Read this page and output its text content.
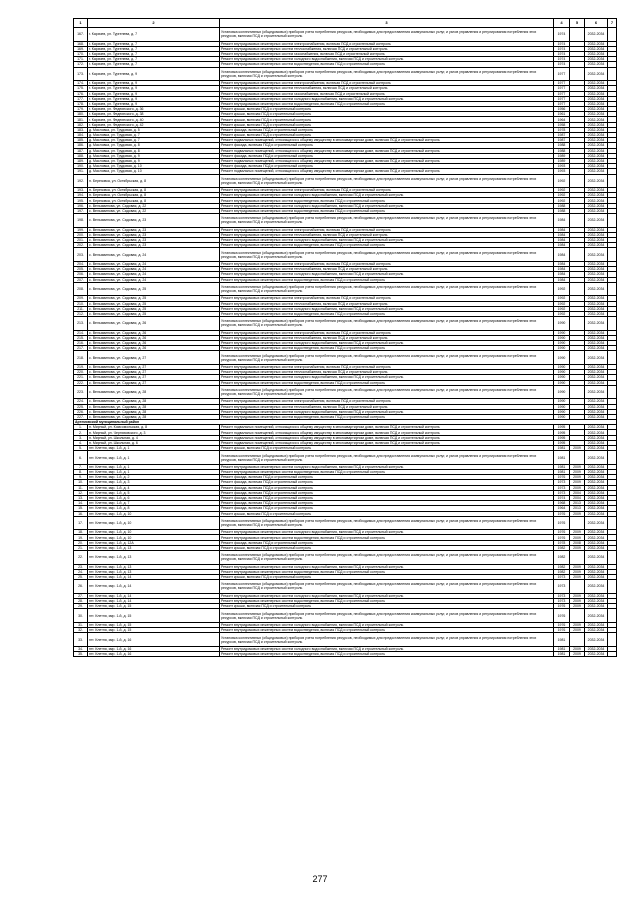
1	2	3	4	5	6	7
167.	г. Карачев, ул. Тургенева, д. 7	Установка коллективных (общедомовых) приборов учета потребления ресурсов, необходимых для предоставления коммунальных услуг, и узлов управления и регулирования потребления этих ресурсов, включая ПСД и строительный контроль	1974		2032-2034	
168.	г. Карачев, ул. Тургенева, д. 7	Ремонт внутридомовых инженерных систем электроснабжения, включая ПСД и строительный контроль	1974		2032-2034	
169.	г. Карачев, ул. Тургенева, д. 7	Ремонт внутридомовых инженерных систем теплоснабжения, включая ПСД и строительный контроль	1974		2032-2034	
170.	г. Карачев, ул. Тургенева, д. 7	Ремонт внутридомовых инженерных систем газоснабжения, включая ПСД и строительный контроль	1974		2032-2034	
171.	г. Карачев, ул. Тургенева, д. 7	Ремонт внутридомовых инженерных систем холодного водоснабжения, включая ПСД и строительный контроль	1974		2032-2034	
172.	г. Карачев, ул. Тургенева, д. 7	Ремонт внутридомовых инженерных систем водоотведения, включая ПСД и строительный контроль	1974		2032-2034	
173.	г. Карачев, ул. Тургенева, д. 9	Установка коллективных (общедомовых) приборов учета потребления ресурсов, необходимых для предоставления коммунальных услуг, и узлов управления и регулирования потребления этих ресурсов, включая ПСД и строительный контроль	1977		2032-2034	
174.	г. Карачев, ул. Тургенева, д. 9	Ремонт внутридомовых инженерных систем электроснабжения, включая ПСД и строительный контроль	1977		2032-2034	
175.	г. Карачев, ул. Тургенева, д. 9	Ремонт внутридомовых инженерных систем теплоснабжения, включая ПСД и строительный контроль	1977		2032-2034	
176.	г. Карачев, ул. Тургенева, д. 9	Ремонт внутридомовых инженерных систем газоснабжения, включая ПСД и строительный контроль	1977		2032-2034	
177.	г. Карачев, ул. Тургенева, д. 9	Ремонт внутридомовых инженерных систем холодного водоснабжения, включая ПСД и строительный контроль	1977		2032-2034	
178.	г. Карачев, ул. Тургенева, д. 9	Ремонт внутридомовых инженерных систем водоотведения, включая ПСД и строительный контроль	1977		2032-2034	
179.	г. Карачев, ул. Федеинского, д. 36	Ремонт крыши, включая ПСД и строительный контроль	1956		2032-2034	
180.	г. Карачев, ул. Федеинского, д. 38	Ремонт крыши, включая ПСД и строительный контроль	1961		2032-2034	
181.	г. Карачев, ул. Федеинского, д. 40	Ремонт крыши, включая ПСД и строительный контроль	1964		2032-2034	
182.	г. Карачев, ул. Федеинского, д. 42	Ремонт крыши, включая ПСД и строительный контроль	1958		2032-2034	
183.	д. Масловка, ул. Трудовая, д. 5	Ремонт фасада, включая ПСД и строительный контроль	1978		2032-2034	
184.	д. Масловка, ул. Трудовая, д. 7	Ремонт крыши, включая ПСД и строительный контроль	1987		2032-2034	
185.	д. Масловка, ул. Трудовая, д. 7	Ремонт подвальных помещений, относящихся к общему имуществу в многоквартирном доме, включая ПСД и строительный контроль	1987		2032-2034	
186.	д. Масловка, ул. Трудовая, д. 8	Ремонт фасада, включая ПСД и строительный контроль	1988		2032-2034	
187.	д. Масловка, ул. Трудовая, д. 8	Ремонт подвальных помещений, относящихся к общему имуществу в многоквартирном доме, включая ПСД и строительный контроль	1988		2032-2034	
188.	д. Масловка, ул. Трудовая, д. 9	Ремонт фасада, включая ПСД и строительный контроль	1989		2032-2034	
189.	д. Масловка, ул. Трудовая, д. 9	Ремонт подвальных помещений, относящихся к общему имуществу в многоквартирном доме, включая ПСД и строительный контроль	1989		2032-2034	
190.	д. Масловка, ул. Трудовая, д. 10	Ремонт фасада, включая ПСД и строительный контроль	1993		2032-2034	
191.	д. Масловка, ул. Трудовая, д. 10	Ремонт подвальных помещений, относящихся к общему имуществу в многоквартирном доме, включая ПСД и строительный контроль	1993		2032-2034	
192.	п. Березовка, ул. Октябрьская, д. 8	Установка коллективных (общедомовых) приборов учета потребления ресурсов, необходимых для предоставления коммунальных услуг, и узлов управления и регулирования потребления этих ресурсов, включая ПСД и строительный контроль	1992		2032-2034	
193.	п. Березовка, ул. Октябрьская, д. 8	Ремонт внутридомовых инженерных систем электроснабжения, включая ПСД и строительный контроль	1992		2032-2034	
194.	п. Березовка, ул. Октябрьская, д. 8	Ремонт внутридомовых инженерных систем холодного водоснабжения, включая ПСД и строительный контроль	1992		2032-2034	
195.	п. Березовка, ул. Октябрьская, д. 8	Ремонт внутридомовых инженерных систем водоотведения, включая ПСД и строительный контроль	1992		2032-2034	
196.	с. Вельяминова, ул. Садовая, д. 22	Ремонт внутридомовых инженерных систем холодного водоснабжения, включая ПСД и строительный контроль	1988		2032-2034	
197.	с. Вельяминова, ул. Садовая, д. 22	Ремонт внутридомовых инженерных систем водоотведения, включая ПСД и строительный контроль	1988		2032-2034	
198.	с. Вельяминова, ул. Садовая, д. 23	Установка коллективных (общедомовых) приборов учета потребления ресурсов, необходимых для предоставления коммунальных услуг, и узлов управления и регулирования потребления этих ресурсов, включая ПСД и строительный контроль	1984		2032-2034	
199.	с. Вельяминова, ул. Садовая, д. 23	Ремонт внутридомовых инженерных систем электроснабжения, включая ПСД и строительный контроль	1984		2032-2034	
200.	с. Вельяминова, ул. Садовая, д. 23	Ремонт внутридомовых инженерных систем теплоснабжения, включая ПСД и строительный контроль	1984		2032-2034	
201.	с. Вельяминова, ул. Садовая, д. 23	Ремонт внутридомовых инженерных систем холодного водоснабжения, включая ПСД и строительный контроль	1984		2032-2034	
202.	с. Вельяминова, ул. Садовая, д. 23	Ремонт внутридомовых инженерных систем водоотведения, включая ПСД и строительный контроль	1984		2032-2034	
203.	с. Вельяминова, ул. Садовая, д. 24	Установка коллективных (общедомовых) приборов учета потребления ресурсов, необходимых для предоставления коммунальных услуг, и узлов управления и регулирования потребления этих ресурсов, включая ПСД и строительный контроль	1984		2032-2034	
204.	с. Вельяминова, ул. Садовая, д. 24	Ремонт внутридомовых инженерных систем электроснабжения, включая ПСД и строительный контроль	1984		2032-2034	
205.	с. Вельяминова, ул. Садовая, д. 24	Ремонт внутридомовых инженерных систем теплоснабжения, включая ПСД и строительный контроль	1984		2032-2034	
206.	с. Вельяминова, ул. Садовая, д. 24	Ремонт внутридомовых инженерных систем холодного водоснабжения, включая ПСД и строительный контроль	1984		2032-2034	
207.	с. Вельяминова, ул. Садовая, д. 24	Ремонт внутридомовых инженерных систем водоотведения, включая ПСД и строительный контроль	1984		2032-2034	
208.	с. Вельяминова, ул. Садовая, д. 25	Установка коллективных (общедомовых) приборов учета потребления ресурсов, необходимых для предоставления коммунальных услуг, и узлов управления и регулирования потребления этих ресурсов, включая ПСД и строительный контроль	1992		2032-2034	
209.	с. Вельяминова, ул. Садовая, д. 25	Ремонт внутридомовых инженерных систем электроснабжения, включая ПСД и строительный контроль	1992		2032-2034	
210.	с. Вельяминова, ул. Садовая, д. 25	Ремонт внутридомовых инженерных систем теплоснабжения, включая ПСД и строительный контроль	1992		2032-2034	
211.	с. Вельяминова, ул. Садовая, д. 25	Ремонт внутридомовых инженерных систем холодного водоснабжения, включая ПСД и строительный контроль	1992		2032-2034	
212.	с. Вельяминова, ул. Садовая, д. 25	Ремонт внутридомовых инженерных систем водоотведения, включая ПСД и строительный контроль	1992		2032-2034	
213.	с. Вельяминова, ул. Садовая, д. 26	Установка коллективных (общедомовых) приборов учета потребления ресурсов, необходимых для предоставления коммунальных услуг, и узлов управления и регулирования потребления этих ресурсов, включая ПСД и строительный контроль	1990		2032-2034	
214.	с. Вельяминова, ул. Садовая, д. 26	Ремонт внутридомовых инженерных систем электроснабжения, включая ПСД и строительный контроль	1990		2032-2034	
215.	с. Вельяминова, ул. Садовая, д. 26	Ремонт внутридомовых инженерных систем теплоснабжения, включая ПСД и строительный контроль	1990		2032-2034	
216.	с. Вельяминова, ул. Садовая, д. 26	Ремонт внутридомовых инженерных систем холодного водоснабжения, включая ПСД и строительный контроль	1990		2032-2034	
217.	с. Вельяминова, ул. Садовая, д. 26	Ремонт внутридомовых инженерных систем водоотведения, включая ПСД и строительный контроль	1990		2032-2034	
218.	с. Вельяминова, ул. Садовая, д. 27	Установка коллективных (общедомовых) приборов учета потребления ресурсов, необходимых для предоставления коммунальных услуг, и узлов управления и регулирования потребления этих ресурсов, включая ПСД и строительный контроль	1990		2032-2034	
219.	с. Вельяминова, ул. Садовая, д. 27	Ремонт внутридомовых инженерных систем электроснабжения, включая ПСД и строительный контроль	1990		2032-2034	
220.	с. Вельяминова, ул. Садовая, д. 27	Ремонт внутридомовых инженерных систем теплоснабжения, включая ПСД и строительный контроль	1990		2032-2034	
221.	с. Вельяминова, ул. Садовая, д. 27	Ремонт внутридомовых инженерных систем холодного водоснабжения, включая ПСД и строительный контроль	1990		2032-2034	
222.	с. Вельяминова, ул. Садовая, д. 27	Ремонт внутридомовых инженерных систем водоотведения, включая ПСД и строительный контроль	1990		2032-2034	
223.	с. Вельяминова, ул. Садовая, д. 28	Установка коллективных (общедомовых) приборов учета потребления ресурсов, необходимых для предоставления коммунальных услуг, и узлов управления и регулирования потребления этих ресурсов, включая ПСД и строительный контроль	1990		2032-2034	
224.	с. Вельяминова, ул. Садовая, д. 28	Ремонт внутридомовых инженерных систем электроснабжения, включая ПСД и строительный контроль	1990		2032-2034	
225.	с. Вельяминова, ул. Садовая, д. 28	Ремонт внутридомовых инженерных систем теплоснабжения, включая ПСД и строительный контроль	1990		2032-2034	
226.	с. Вельяминова, ул. Садовая, д. 28	Ремонт внутридомовых инженерных систем холодного водоснабжения, включая ПСД и строительный контроль	1990		2032-2034	
227.	с. Вельяминова, ул. Садовая, д. 28	Ремонт внутридомовых инженерных систем водоотведения, включая ПСД и строительный контроль	1990		2032-2034	
Артемовский муниципальный район						
1.	п. Мирный, ул. Комсомольская, д. 8	Ремонт подвальных помещений, относящихся к общему имуществу в многоквартирном доме, включая ПСД и строительный контроль	1995		2032-2034	
2.	п. Мирный, ул. Черняховского, д. 3	Ремонт подвальных помещений, относящихся к общему имуществу в многоквартирном доме, включая ПСД и строительный контроль	1995		2032-2034	
3.	п. Мирный, ул. Школьная, д. 4	Ремонт подвальных помещений, относящихся к общему имуществу в многоквартирном доме, включая ПСД и строительный контроль	1995		2032-2034	
4.	п. Мирный, ул. Школьная, д. 6	Ремонт подвальных помещений, относящихся к общему имуществу в многоквартирном доме, включая ПСД и строительный контроль	1995		2032-2034	
5.	пгт. Клетня, мкр. 1-й, д. 1	Ремонт крыши, включая ПСД и строительный контроль	1981	2009	2032-2034	
6.	пгт. Клетня, мкр. 1-й, д. 1	Установка коллективных (общедомовых) приборов учета потребления ресурсов, необходимых для предоставления коммунальных услуг, и узлов управления и регулирования потребления этих ресурсов, включая ПСД и строительный контроль	1981		2032-2034	
7.	пгт. Клетня, мкр. 1-й, д. 1	Ремонт внутридомовых инженерных систем холодного водоснабжения, включая ПСД и строительный контроль	1981	2009	2032-2034	
8.	пгт. Клетня, мкр. 1-й, д. 1	Ремонт внутридомовых инженерных систем водоотведения, включая ПСД и строительный контроль	1981	2009	2032-2034	
9.	пгт. Клетня, мкр. 1-й, д. 2	Ремонт фасада, включая ПСД и строительный контроль	1976	2009	2032-2034	
10.	пгт. Клетня, мкр. 1-й, д. 3	Ремонт фасада, включая ПСД и строительный контроль	1973	2009	2032-2034	
11.	пгт. Клетня, мкр. 1-й, д. 4	Ремонт фасада, включая ПСД и строительный контроль	1973	2009	2032-2034	
12.	пгт. Клетня, мкр. 1-й, д. 5	Ремонт фасада, включая ПСД и строительный контроль	1973	2004	2032-2034	
13.	пгт. Клетня, мкр. 1-й, д. 6	Ремонт фасада, включая ПСД и строительный контроль	1974	2004	2032-2034	
14.	пгт. Клетня, мкр. 1-й, д. 7	Ремонт фасада, включая ПСД и строительный контроль	1968	2013	2032-2034	
15.	пгт. Клетня, мкр. 1-й, д. 8	Ремонт фасада, включая ПСД и строительный контроль	1964	2013	2032-2034	
16.	пгт. Клетня, мкр. 1-й, д. 10	Ремонт крыши, включая ПСД и строительный контроль	1976	2009	2032-2034	
17.	пгт. Клетня, мкр. 1-й, д. 10	Установка коллективных (общедомовых) приборов учета потребления ресурсов, необходимых для предоставления коммунальных услуг, и узлов управления и регулирования потребления этих ресурсов, включая ПСД и строительный контроль	1976		2032-2034	
18.	пгт. Клетня, мкр. 1-й, д. 10	Ремонт внутридомовых инженерных систем холодного водоснабжения, включая ПСД и строительный контроль	1976	2009	2032-2034	
19.	пгт. Клетня, мкр. 1-й, д. 10	Ремонт внутридомовых инженерных систем водоотведения, включая ПСД и строительный контроль	1976	2009	2032-2034	
20.	пгт. Клетня, мкр. 1-й, д. 12А	Ремонт фасада, включая ПСД и строительный контроль	1978	2008	2032-2034	
21.	пгт. Клетня, мкр. 1-й, д. 13	Ремонт крыши, включая ПСД и строительный контроль	1982	2009	2032-2034	
22.	пгт. Клетня, мкр. 1-й, д. 13	Установка коллективных (общедомовых) приборов учета потребления ресурсов, необходимых для предоставления коммунальных услуг, и узлов управления и регулирования потребления этих ресурсов, включая ПСД и строительный контроль	1982		2032-2034	
23.	пгт. Клетня, мкр. 1-й, д. 13	Ремонт внутридомовых инженерных систем холодного водоснабжения, включая ПСД и строительный контроль	1982	2009	2032-2034	
24.	пгт. Клетня, мкр. 1-й, д. 13	Ремонт внутридомовых инженерных систем водоотведения, включая ПСД и строительный контроль	1982	2009	2032-2034	
25.	пгт. Клетня, мкр. 1-й, д. 14	Ремонт крыши, включая ПСД и строительный контроль	1973	2009	2032-2034	
26.	пгт. Клетня, мкр. 1-й, д. 14	Установка коллективных (общедомовых) приборов учета потребления ресурсов, необходимых для предоставления коммунальных услуг, и узлов управления и регулирования потребления этих ресурсов, включая ПСД и строительный контроль	1973		2032-2034	
27.	пгт. Клетня, мкр. 1-й, д. 14	Ремонт внутридомовых инженерных систем холодного водоснабжения, включая ПСД и строительный контроль	1973	2009	2032-2034	
28.	пгт. Клетня, мкр. 1-й, д. 14	Ремонт внутридомовых инженерных систем водоотведения, включая ПСД и строительный контроль	1973	2009	2032-2034	
29.	пгт. Клетня, мкр. 1-й, д. 15	Ремонт крыши, включая ПСД и строительный контроль	1976	2009	2032-2034	
30.	пгт. Клетня, мкр. 1-й, д. 15	Установка коллективных (общедомовых) приборов учета потребления ресурсов, необходимых для предоставления коммунальных услуг, и узлов управления и регулирования потребления этих ресурсов, включая ПСД и строительный контроль	1976		2032-2034	
31.	пгт. Клетня, мкр. 1-й, д. 15	Ремонт внутридомовых инженерных систем холодного водоснабжения, включая ПСД и строительный контроль	1976	2009	2032-2034	
32.	пгт. Клетня, мкр. 1-й, д. 15	Ремонт внутридомовых инженерных систем водоотведения, включая ПСД и строительный контроль	1976	2009	2032-2034	
33.	пгт. Клетня, мкр. 1-й, д. 16	Установка коллективных (общедомовых) приборов учета потребления ресурсов, необходимых для предоставления коммунальных услуг, и узлов управления и регулирования потребления этих ресурсов, включая ПСД и строительный контроль	1981		2032-2034	
34.	пгт. Клетня, мкр. 1-й, д. 16	Ремонт внутридомовых инженерных систем холодного водоснабжения, включая ПСД и строительный контроль	1981	2009	2032-2034	
35.	пгт. Клетня, мкр. 1-й, д. 16	Ремонт внутридомовых инженерных систем водоотведения, включая ПСД и строительный контроль	1981	2009	2032-2034	
277
